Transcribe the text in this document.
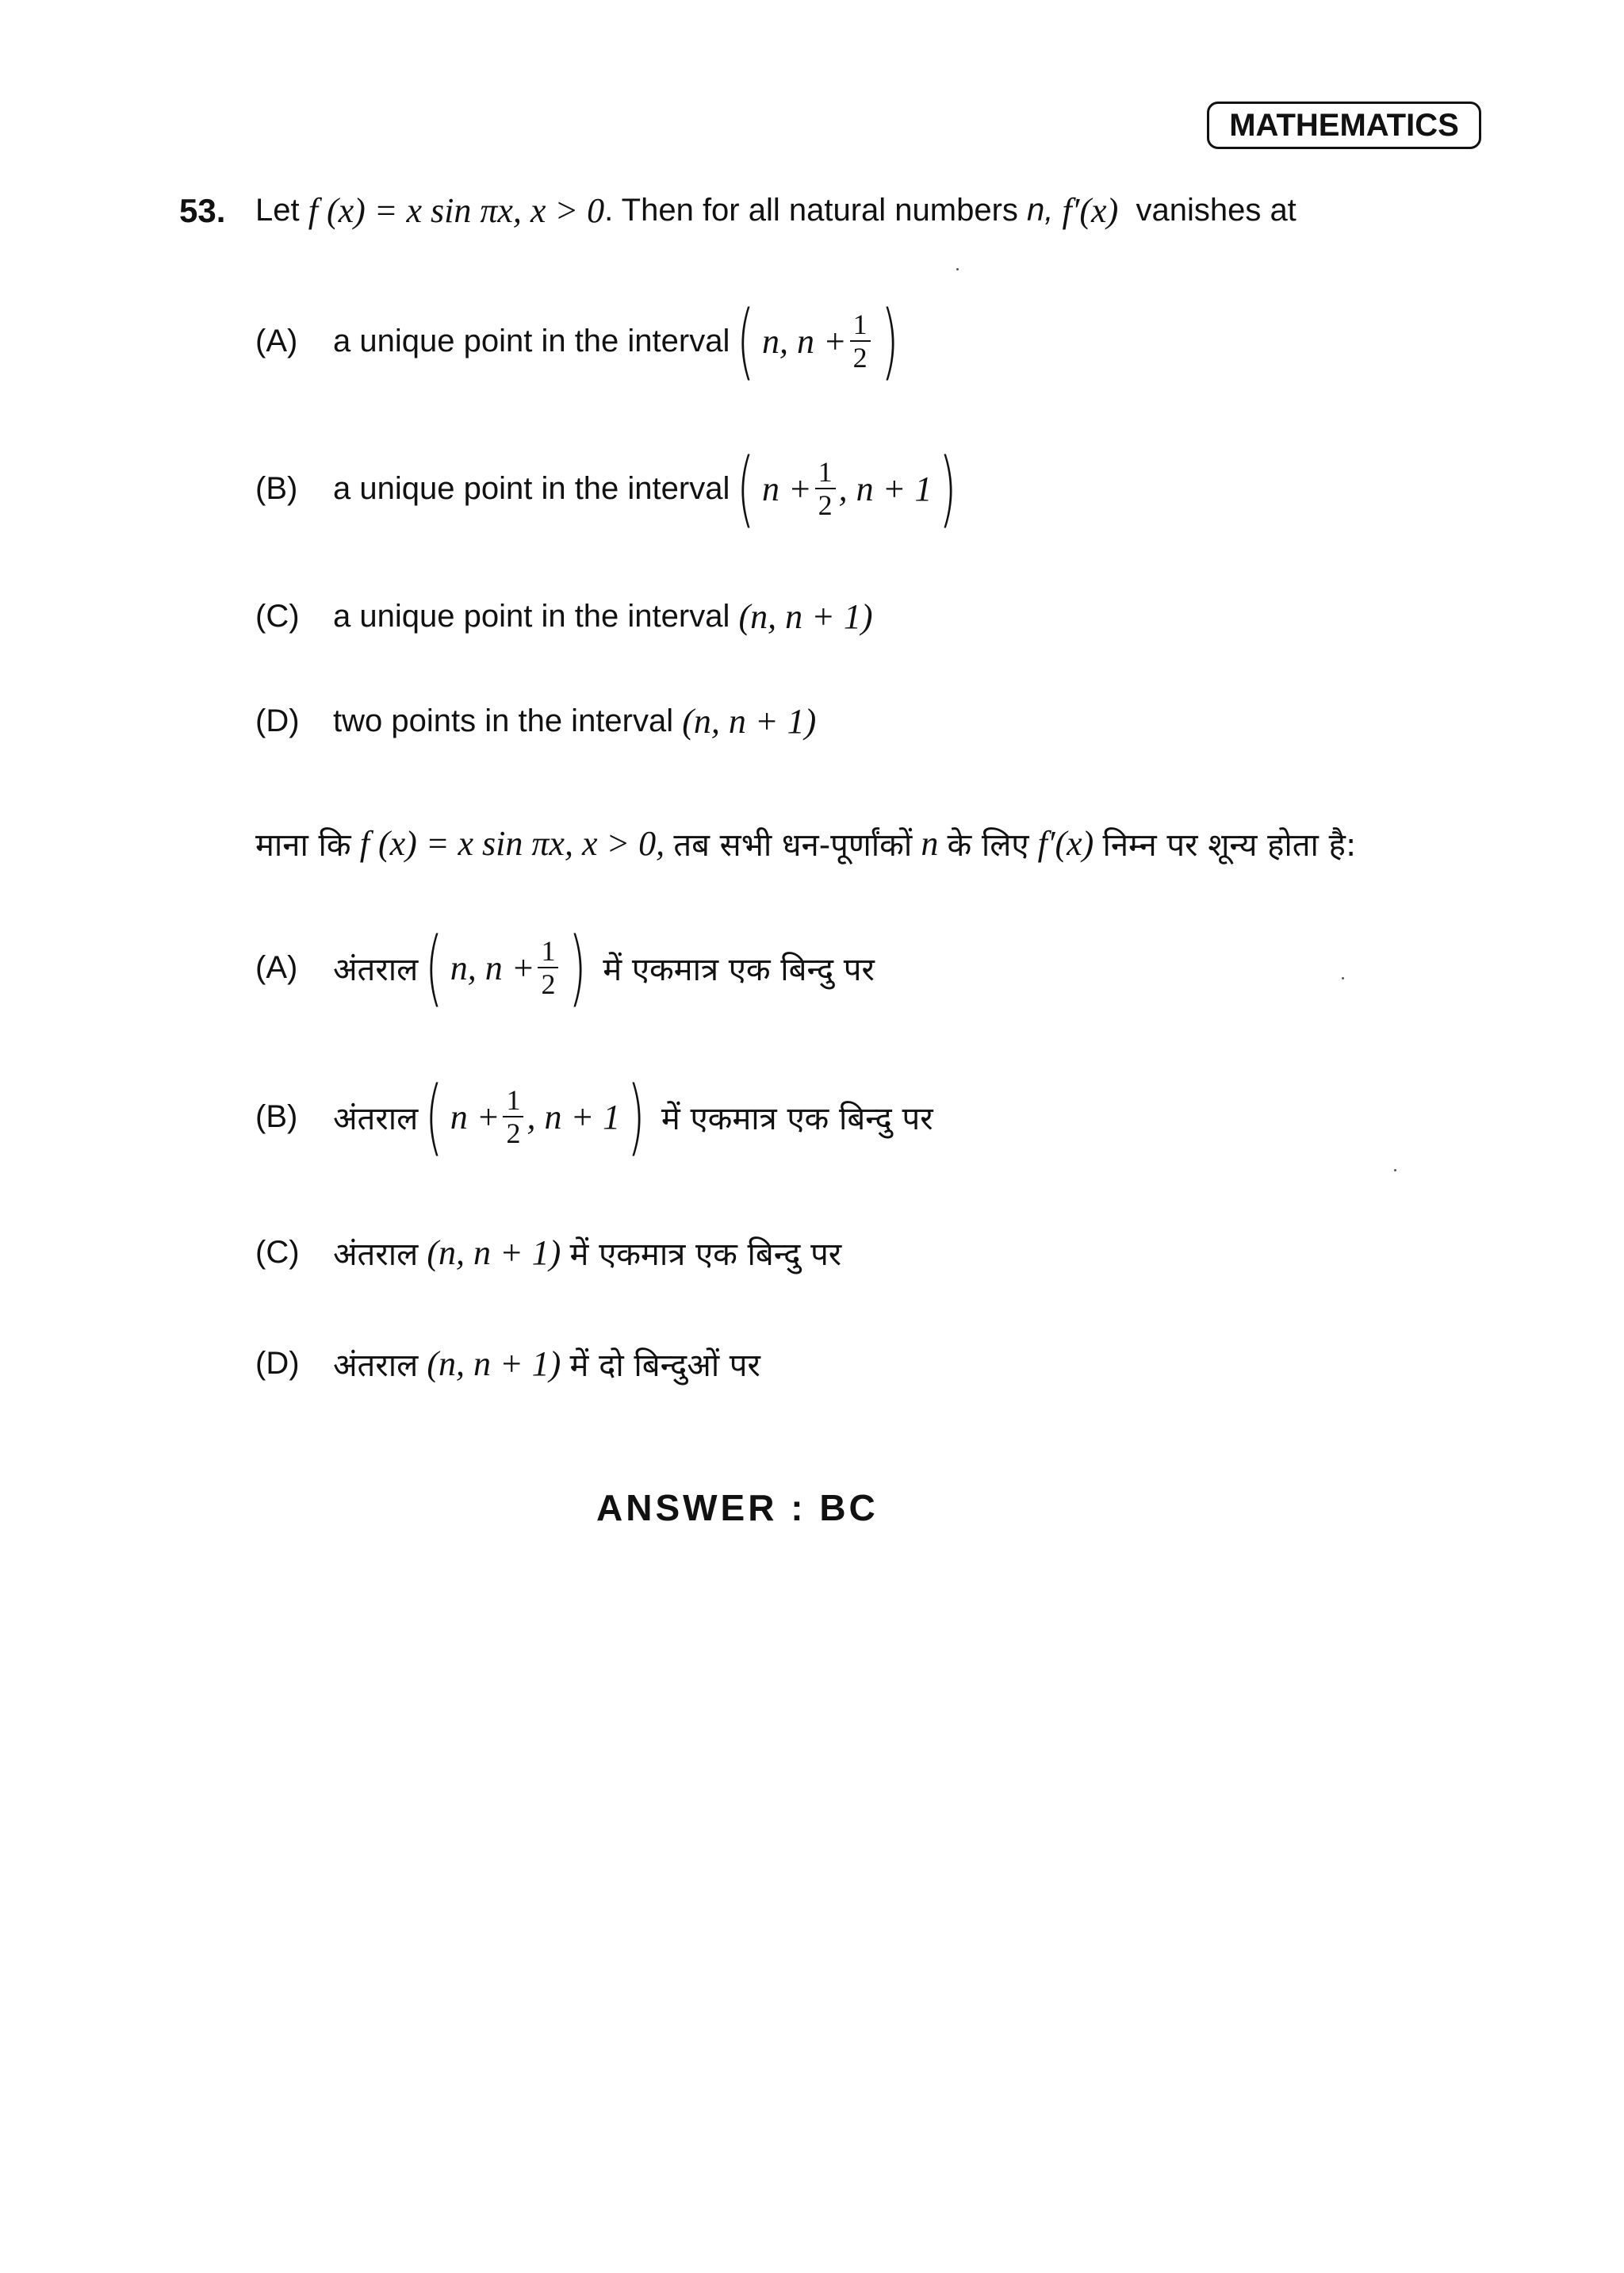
MATHEMATICS
53. Let
f (x) = x sin πx, x > 0 . Then for all natural numbers
n,
f′(x)
vanishes at
(A)	a unique point in the interval ( n, $n + \frac{1}{2}$ )
(B)	a unique point in the interval ( $n + \frac{1}{2}$ , n + 1 )
(C)	a unique point in the interval
(n, n + 1)
(D)	two points in the interval
(n, n + 1)
माना कि
f (x) = x sin πx, x > 0,
तब सभी धन-पूर्णांकों
n
के लिए
f′(x)
निम्न पर शून्य होता है:
(A)	अंतराल ( n, $n + \frac{1}{2}$ )
में एकमात्र एक बिन्दु पर
(B)	अंतराल ( $n + \frac{1}{2}$ , n + 1 )
में एकमात्र एक बिन्दु पर
(C)	अंतराल
(n, n + 1)
में एकमात्र एक बिन्दु पर
(D)	अंतराल
(n, n + 1)
में दो बिन्दुओं पर
ANSWER : BC
